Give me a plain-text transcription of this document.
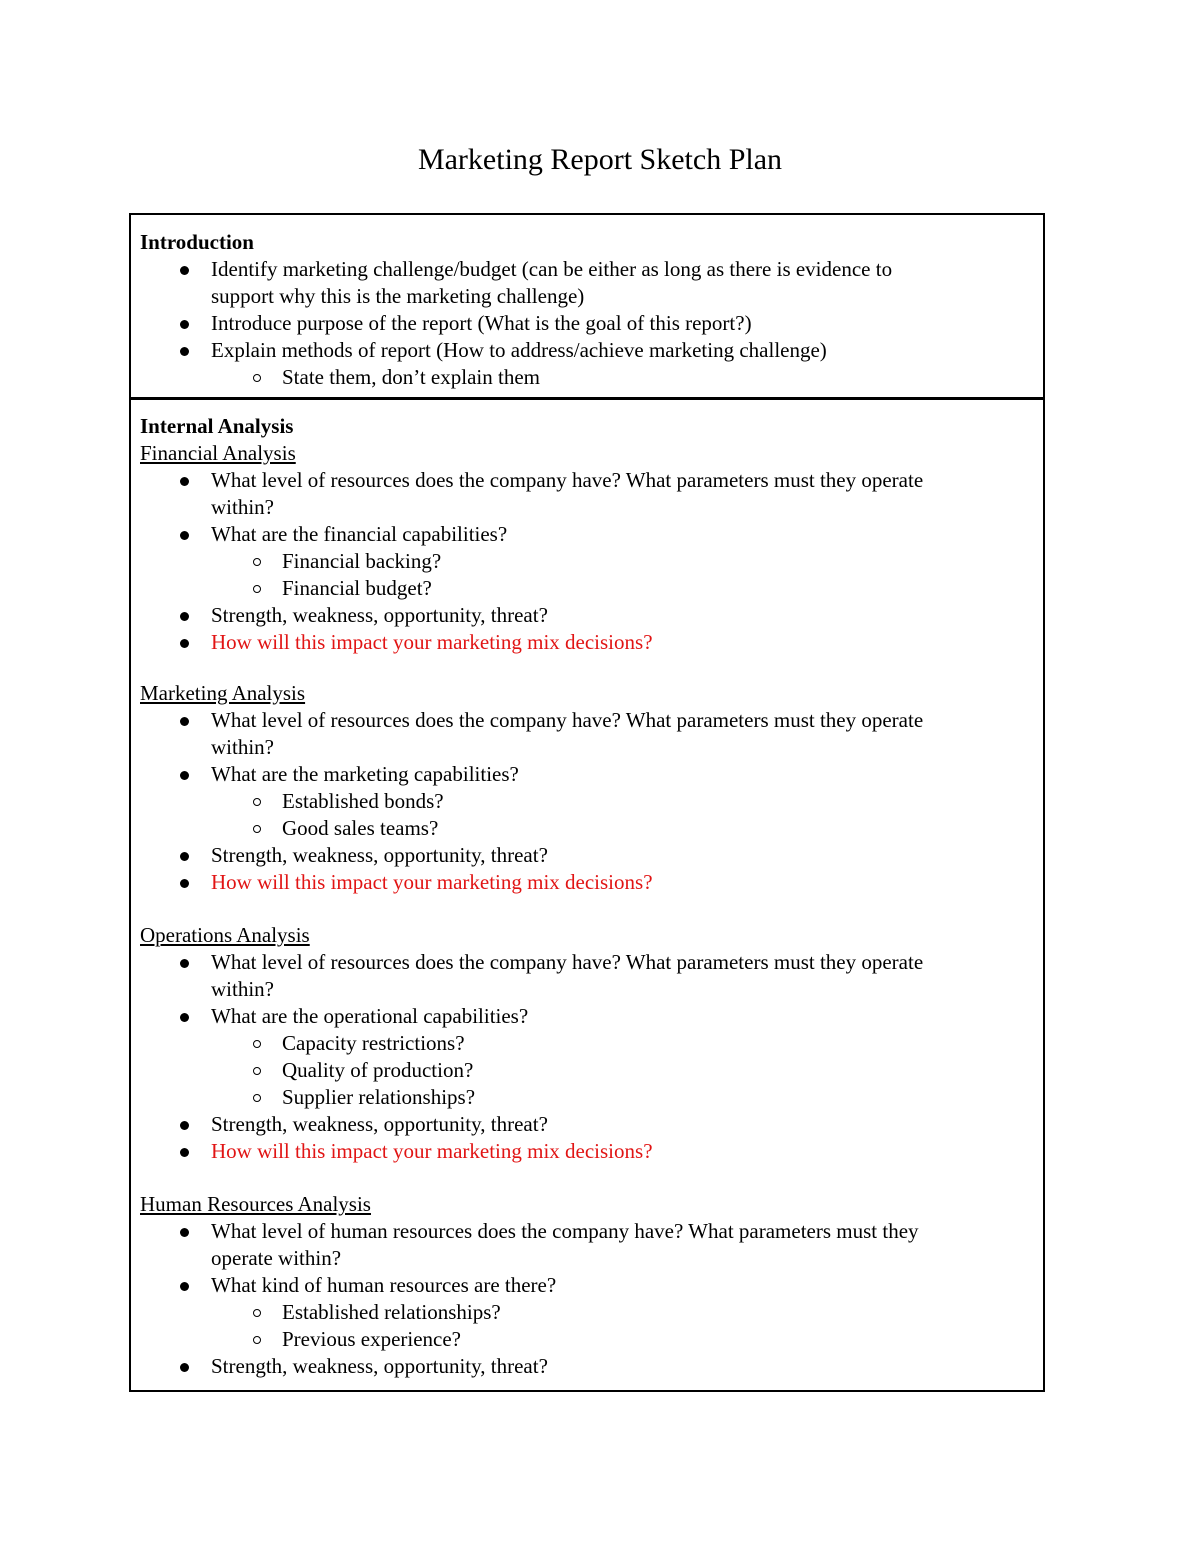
Marketing Report Sketch Plan
Introduction
Identify marketing challenge/budget (can be either as long as there is evidence to
support why this is the marketing challenge)
Introduce purpose of the report (What is the goal of this report?)
Explain methods of report (How to address/achieve marketing challenge)
State them, don’t explain them
Internal Analysis
Financial Analysis
What level of resources does the company have? What parameters must they operate
within?
What are the financial capabilities?
Financial backing?
Financial budget?
Strength, weakness, opportunity, threat?
How will this impact your marketing mix decisions?
Marketing Analysis
What level of resources does the company have? What parameters must they operate
within?
What are the marketing capabilities?
Established bonds?
Good sales teams?
Strength, weakness, opportunity, threat?
How will this impact your marketing mix decisions?
Operations Analysis
What level of resources does the company have? What parameters must they operate
within?
What are the operational capabilities?
Capacity restrictions?
Quality of production?
Supplier relationships?
Strength, weakness, opportunity, threat?
How will this impact your marketing mix decisions?
Human Resources Analysis
What level of human resources does the company have? What parameters must they
operate within?
What kind of human resources are there?
Established relationships?
Previous experience?
Strength, weakness, opportunity, threat?
